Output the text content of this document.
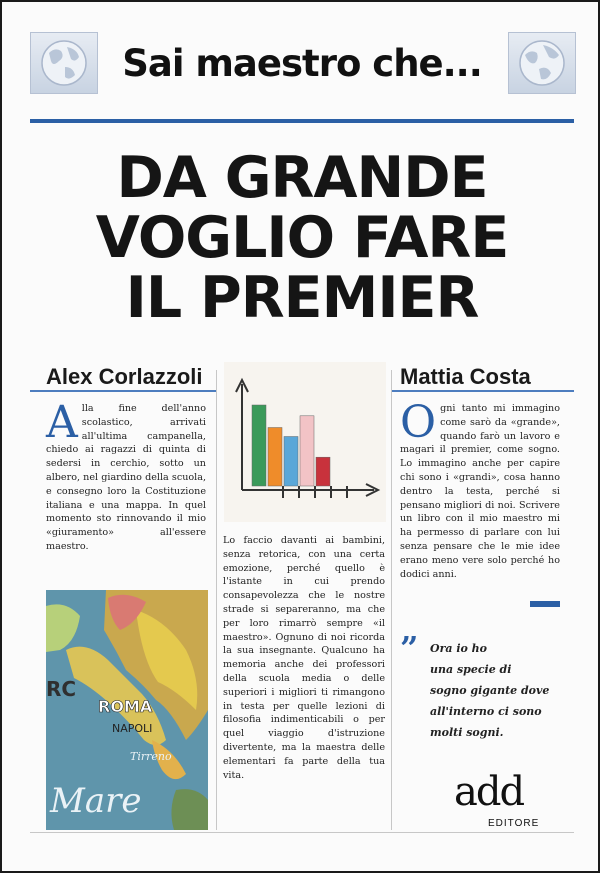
Sai maestro che...
DA GRANDE
VOGLIO FARE
IL PREMIER
Alex Corlazzoli	Mattia Costa
Alla fine dell'anno scolastico, arrivati all'ultima campanella, chiedo ai ragazzi di quinta di sedersi in cerchio, sotto un albero, nel giardino della scuola, e consegno loro la Costituzione italiana e una mappa. In quel momento sto rinnovando il mio «giuramento» all'essere maestro.
Lo faccio davanti ai bambini, senza retorica, con una certa emozione, perché quello è l'istante in cui prendo consapevolezza che le nostre strade si separeranno, ma che per loro rimarrò sempre «il maestro». Ognuno di noi ricorda la sua insegnante. Qualcuno ha memoria anche dei professori della scuola media o delle superiori i migliori ti rimangono in testa per quelle lezioni di filosofia indimenticabili o per quel viaggio d'istruzione divertente, ma la maestra delle elementari fa parte della tua vita.
RC
ROMA
NAPOLI
Tirreno
Mare
Ogni tanto mi immagino come sarò da «grande», quando farò un lavoro e magari il premier, come sogno. Lo immagino anche per capire chi sono i «grandi», cosa hanno dentro la testa, perché si pensano migliori di noi. Scrivere un libro con il mio maestro mi ha permesso di parlare con lui senza pensare che le mie idee erano meno vere solo perché ho dodici anni.
” Ora io ho
una specie di
sogno gigante dove
all'interno ci sono
molti sogni.
add
EDITORE
